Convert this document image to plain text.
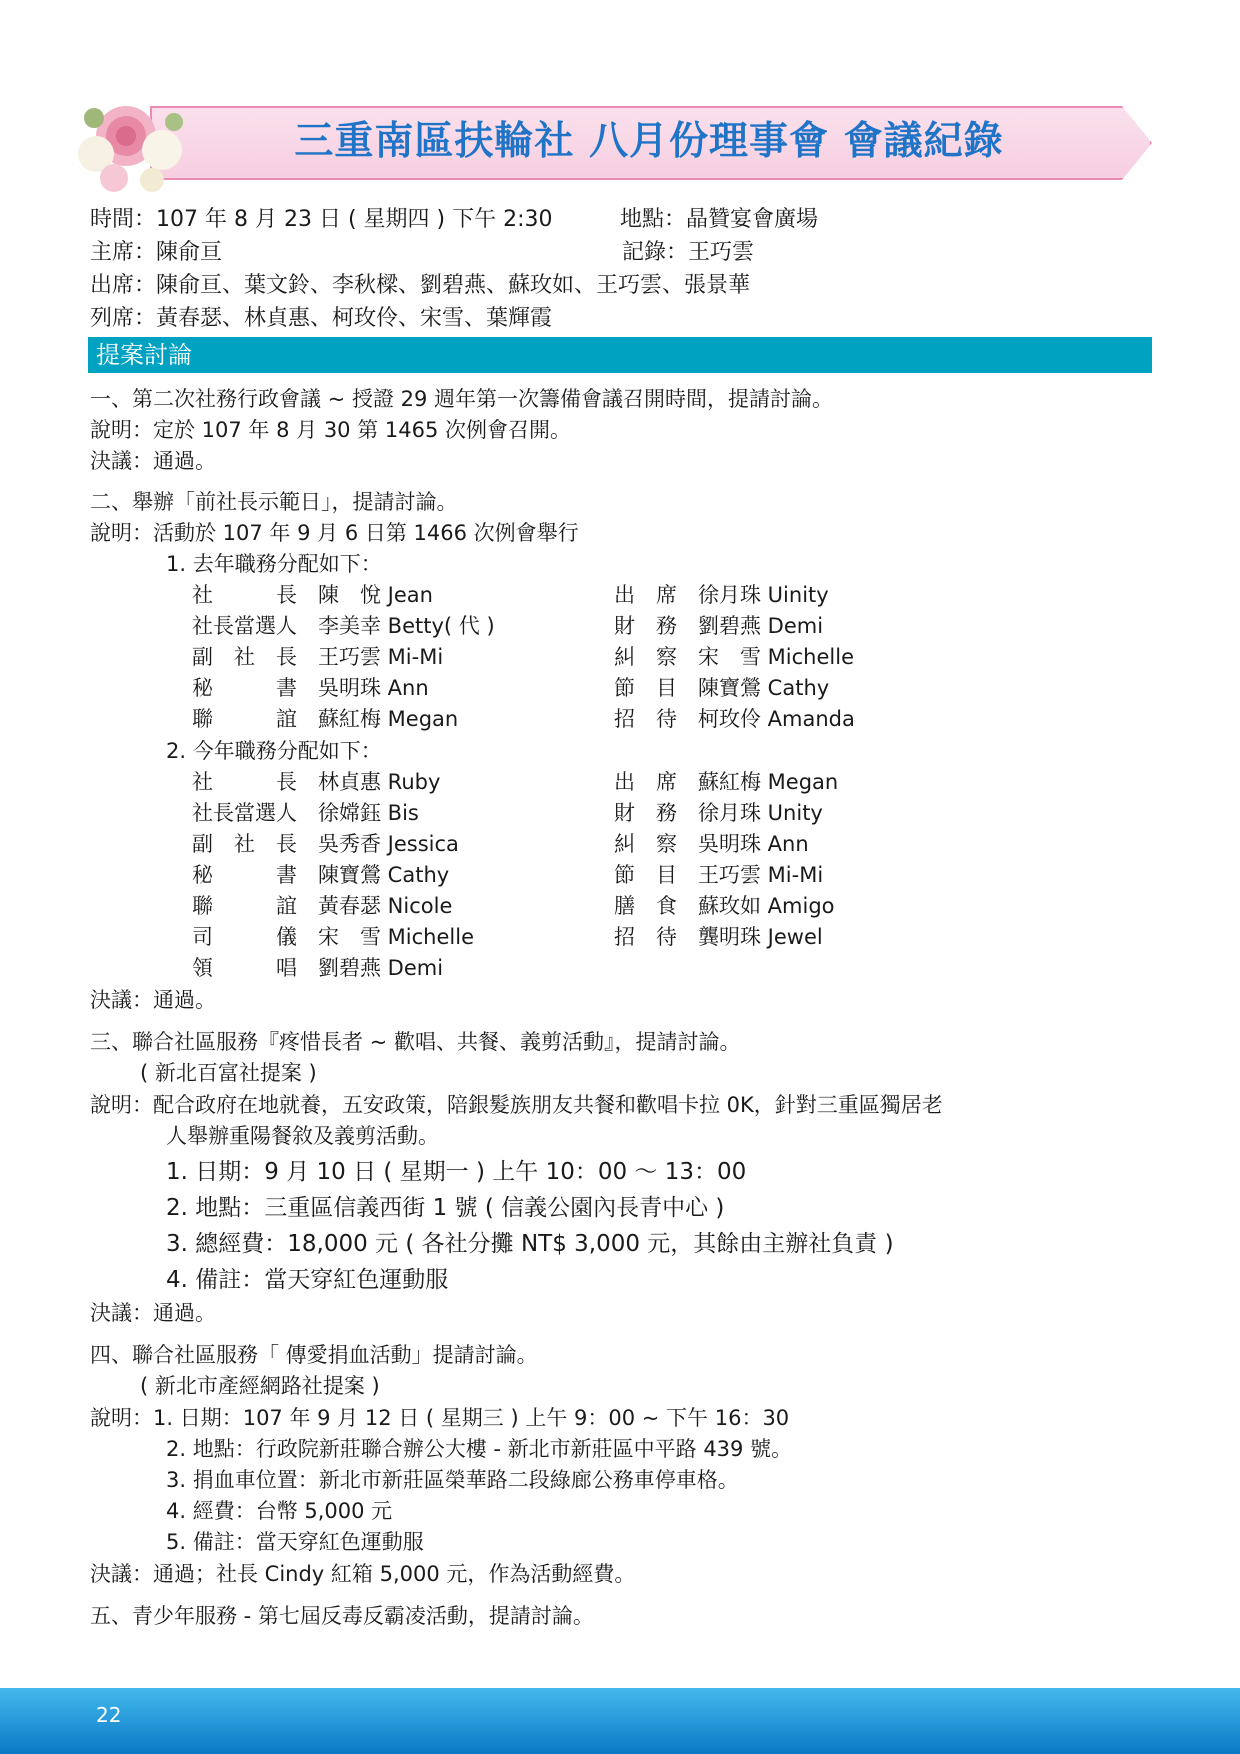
三重南區扶輪社 八月份理事會 會議紀錄

時間：107 年 8 月 23 日 ( 星期四 ) 下午 2:30	地點：晶贊宴會廣場

主席：陳俞亘	記錄：王巧雲

出席：陳俞亘、葉文鈴、李秋樑、劉碧燕、蘇玫如、王巧雲、張景華

列席：黃春瑟、林貞惠、柯玫伶、宋雪、葉輝霞

提案討論

一、第二次社務行政會議 ~ 授證 29 週年第一次籌備會議召開時間，提請討論。

說明：定於 107 年 8 月 30 第 1465 次例會召開。

決議：通過。

二、舉辦「前社長示範日」，提請討論。

說明：活動於 107 年 9 月 6 日第 1466 次例會舉行

1. 去年職務分配如下：

社　　　長　陳　悅 Jean	出　席　徐月珠 Uinity

社長當選人　李美幸 Betty( 代 )	財　務　劉碧燕 Demi

副　社　長　王巧雲 Mi-Mi	糾　察　宋　雪 Michelle

秘　　　書　吳明珠 Ann	節　目　陳寶鶯 Cathy

聯　　　誼　蘇紅梅 Megan	招　待　柯玫伶 Amanda

2. 今年職務分配如下：

社　　　長　林貞惠 Ruby	出　席　蘇紅梅 Megan

社長當選人　徐嫦鈺 Bis	財　務　徐月珠 Unity

副　社　長　吳秀香 Jessica	糾　察　吳明珠 Ann

秘　　　書　陳寶鶯 Cathy	節　目　王巧雲 Mi-Mi

聯　　　誼　黃春瑟 Nicole	膳　食　蘇玫如 Amigo

司　　　儀　宋　雪 Michelle	招　待　龔明珠 Jewel

領　　　唱　劉碧燕 Demi

決議：通過。

三、聯合社區服務『疼惜長者 ~ 歡唱、共餐、義剪活動』，提請討論。

( 新北百富社提案 )

說明：配合政府在地就養，五安政策，陪銀髮族朋友共餐和歡唱卡拉 0K，針對三重區獨居老

人舉辦重陽餐敘及義剪活動。

1. 日期：9 月 10 日 ( 星期一 ) 上午 10：00 ～ 13：00

2. 地點：三重區信義西街 1 號 ( 信義公園內長青中心 )

3. 總經費：18,000 元 ( 各社分攤 NT$ 3,000 元，其餘由主辦社負責 )

4. 備註：當天穿紅色運動服

決議：通過。

四、聯合社區服務「 傳愛捐血活動」提請討論。

( 新北市產經網路社提案 )

說明：1. 日期：107 年 9 月 12 日 ( 星期三 ) 上午 9：00 ~ 下午 16：30

2. 地點：行政院新莊聯合辦公大樓 - 新北市新莊區中平路 439 號。

3. 捐血車位置：新北市新莊區榮華路二段綠廊公務車停車格。

4. 經費：台幣 5,000 元

5. 備註：當天穿紅色運動服

決議：通過；社長 Cindy 紅箱 5,000 元，作為活動經費。

五、青少年服務 - 第七屆反毒反霸凌活動，提請討論。

22
